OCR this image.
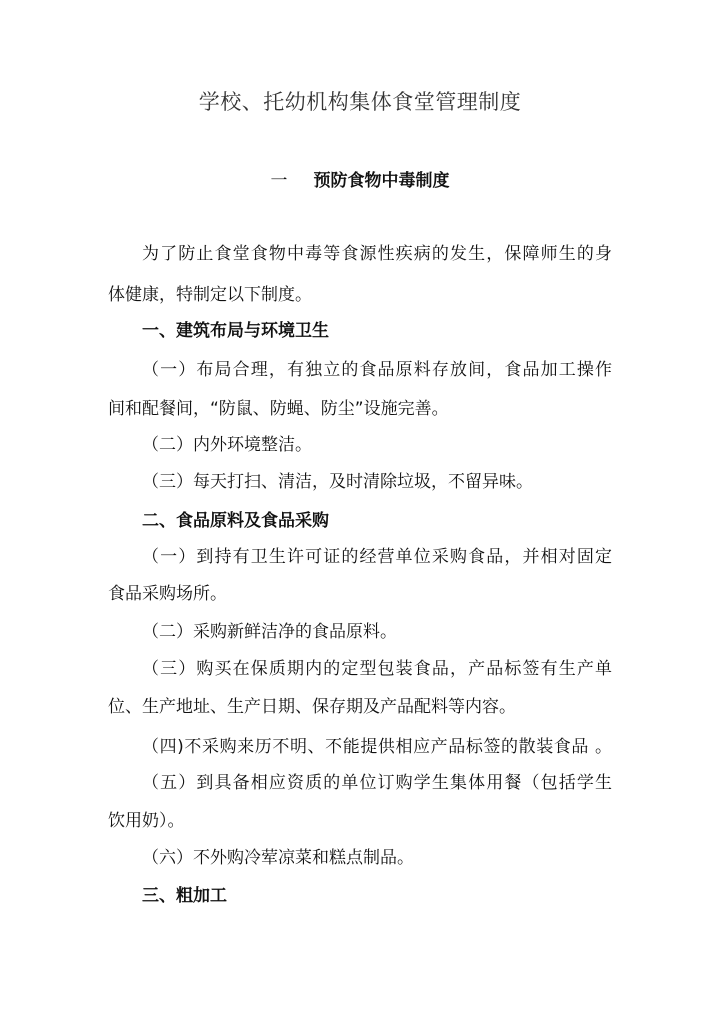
学校、托幼机构集体食堂管理制度
一 预防食物中毒制度
为了防止食堂食物中毒等食源性疾病的发生，保障师生的身
体健康，特制定以下制度。
一、建筑布局与环境卫生
（一）布局合理，有独立的食品原料存放间，食品加工操作
间和配餐间，“防鼠、防蝇、防尘”设施完善。
（二）内外环境整洁。
（三）每天打扫、清洁，及时清除垃圾，不留异味。
二、食品原料及食品采购
（一）到持有卫生许可证的经营单位采购食品，并相对固定
食品采购场所。
（二）采购新鲜洁净的食品原料。
（三）购买在保质期内的定型包装食品，产品标签有生产单
位、生产地址、生产日期、保存期及产品配料等内容。
（四)不采购来历不明、不能提供相应产品标签的散装食品 。
（五）到具备相应资质的单位订购学生集体用餐（包括学生
饮用奶）。
（六）不外购冷荤凉菜和糕点制品。
三、粗加工
